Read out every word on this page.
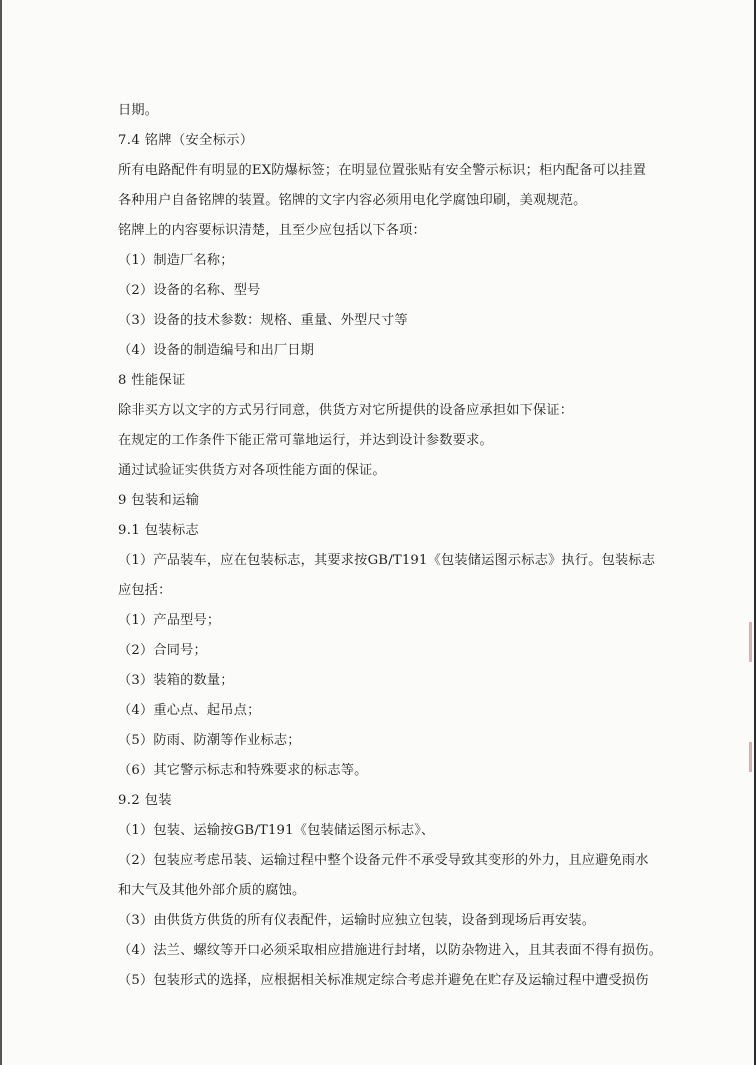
日期。
7.4 铭牌（安全标示）
所有电路配件有明显的EX防爆标签；在明显位置张贴有安全警示标识；柜内配备可以挂置
各种用户自备铭牌的装置。铭牌的文字内容必须用电化学腐蚀印刷，美观规范。
铭牌上的内容要标识清楚，且至少应包括以下各项：
（1）制造厂名称；
（2）设备的名称、型号
（3）设备的技术参数：规格、重量、外型尺寸等
（4）设备的制造编号和出厂日期
8 性能保证
除非买方以文字的方式另行同意，供货方对它所提供的设备应承担如下保证：
在规定的工作条件下能正常可靠地运行，并达到设计参数要求。
通过试验证实供货方对各项性能方面的保证。
9 包装和运输
9.1 包装标志
（1）产品装车，应在包装标志，其要求按GB/T191《包装储运图示标志》执行。包装标志
应包括：
（1）产品型号；
（2）合同号；
（3）装箱的数量；
（4）重心点、起吊点；
（5）防雨、防潮等作业标志；
（6）其它警示标志和特殊要求的标志等。
9.2 包装
（1）包装、运输按GB/T191《包装储运图示标志》、
（2）包装应考虑吊装、运输过程中整个设备元件不承受导致其变形的外力，且应避免雨水
和大气及其他外部介质的腐蚀。
（3）由供货方供货的所有仪表配件，运输时应独立包装，设备到现场后再安装。
（4）法兰、螺纹等开口必须采取相应措施进行封堵，以防杂物进入，且其表面不得有损伤。
（5）包装形式的选择，应根据相关标准规定综合考虑并避免在贮存及运输过程中遭受损伤
